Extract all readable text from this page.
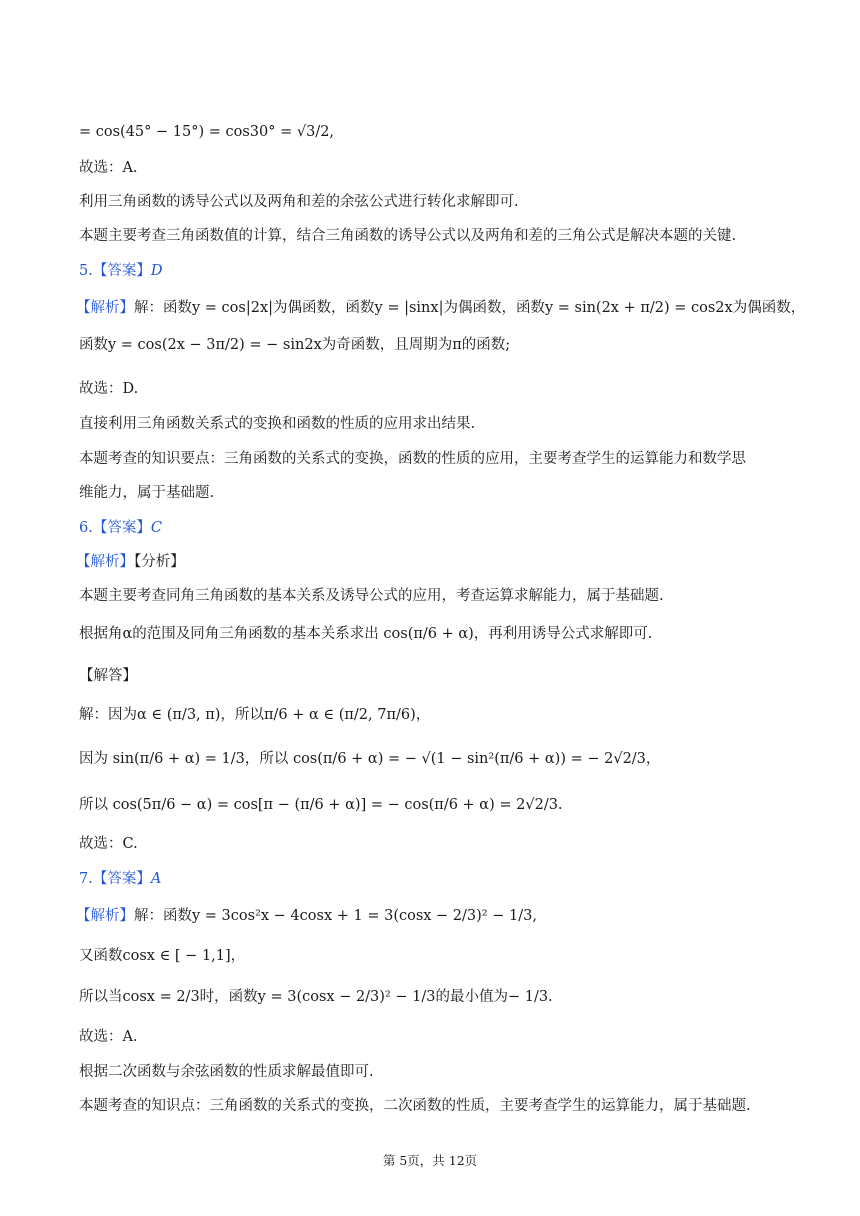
= cos(45° − 15°) = cos30° = √3/2,
故选：A.
利用三角函数的诱导公式以及两角和差的余弦公式进行转化求解即可.
本题主要考查三角函数值的计算，结合三角函数的诱导公式以及两角和差的三角公式是解决本题的关键.
5.【答案】D
【解析】解：函数y = cos|2x|为偶函数，函数y = |sinx|为偶函数，函数y = sin(2x + π/2) = cos2x为偶函数，
函数y = cos(2x − 3π/2) = − sin2x为奇函数，且周期为π的函数;
故选：D.
直接利用三角函数关系式的变换和函数的性质的应用求出结果.
本题考查的知识要点：三角函数的关系式的变换，函数的性质的应用，主要考查学生的运算能力和数学思
维能力，属于基础题.
6.【答案】C
【解析】【分析】
本题主要考查同角三角函数的基本关系及诱导公式的应用，考查运算求解能力，属于基础题.
根据角α的范围及同角三角函数的基本关系求出 cos(π/6 + α)，再利用诱导公式求解即可.
【解答】
解：因为α ∈ (π/3, π)，所以π/6 + α ∈ (π/2, 7π/6)，
因为 sin(π/6 + α) = 1/3，所以 cos(π/6 + α) = − √(1 − sin²(π/6 + α)) = − 2√2/3，
所以 cos(5π/6 − α) = cos[π − (π/6 + α)] = − cos(π/6 + α) = 2√2/3.
故选：C.
7.【答案】A
【解析】解：函数y = 3cos²x − 4cosx + 1 = 3(cosx − 2/3)² − 1/3,
又函数cosx ∈ [ − 1,1]，
所以当cosx = 2/3时，函数y = 3(cosx − 2/3)² − 1/3的最小值为− 1/3.
故选：A.
根据二次函数与余弦函数的性质求解最值即可.
本题考查的知识点：三角函数的关系式的变换，二次函数的性质，主要考查学生的运算能力，属于基础题.
第 5页，共 12页
